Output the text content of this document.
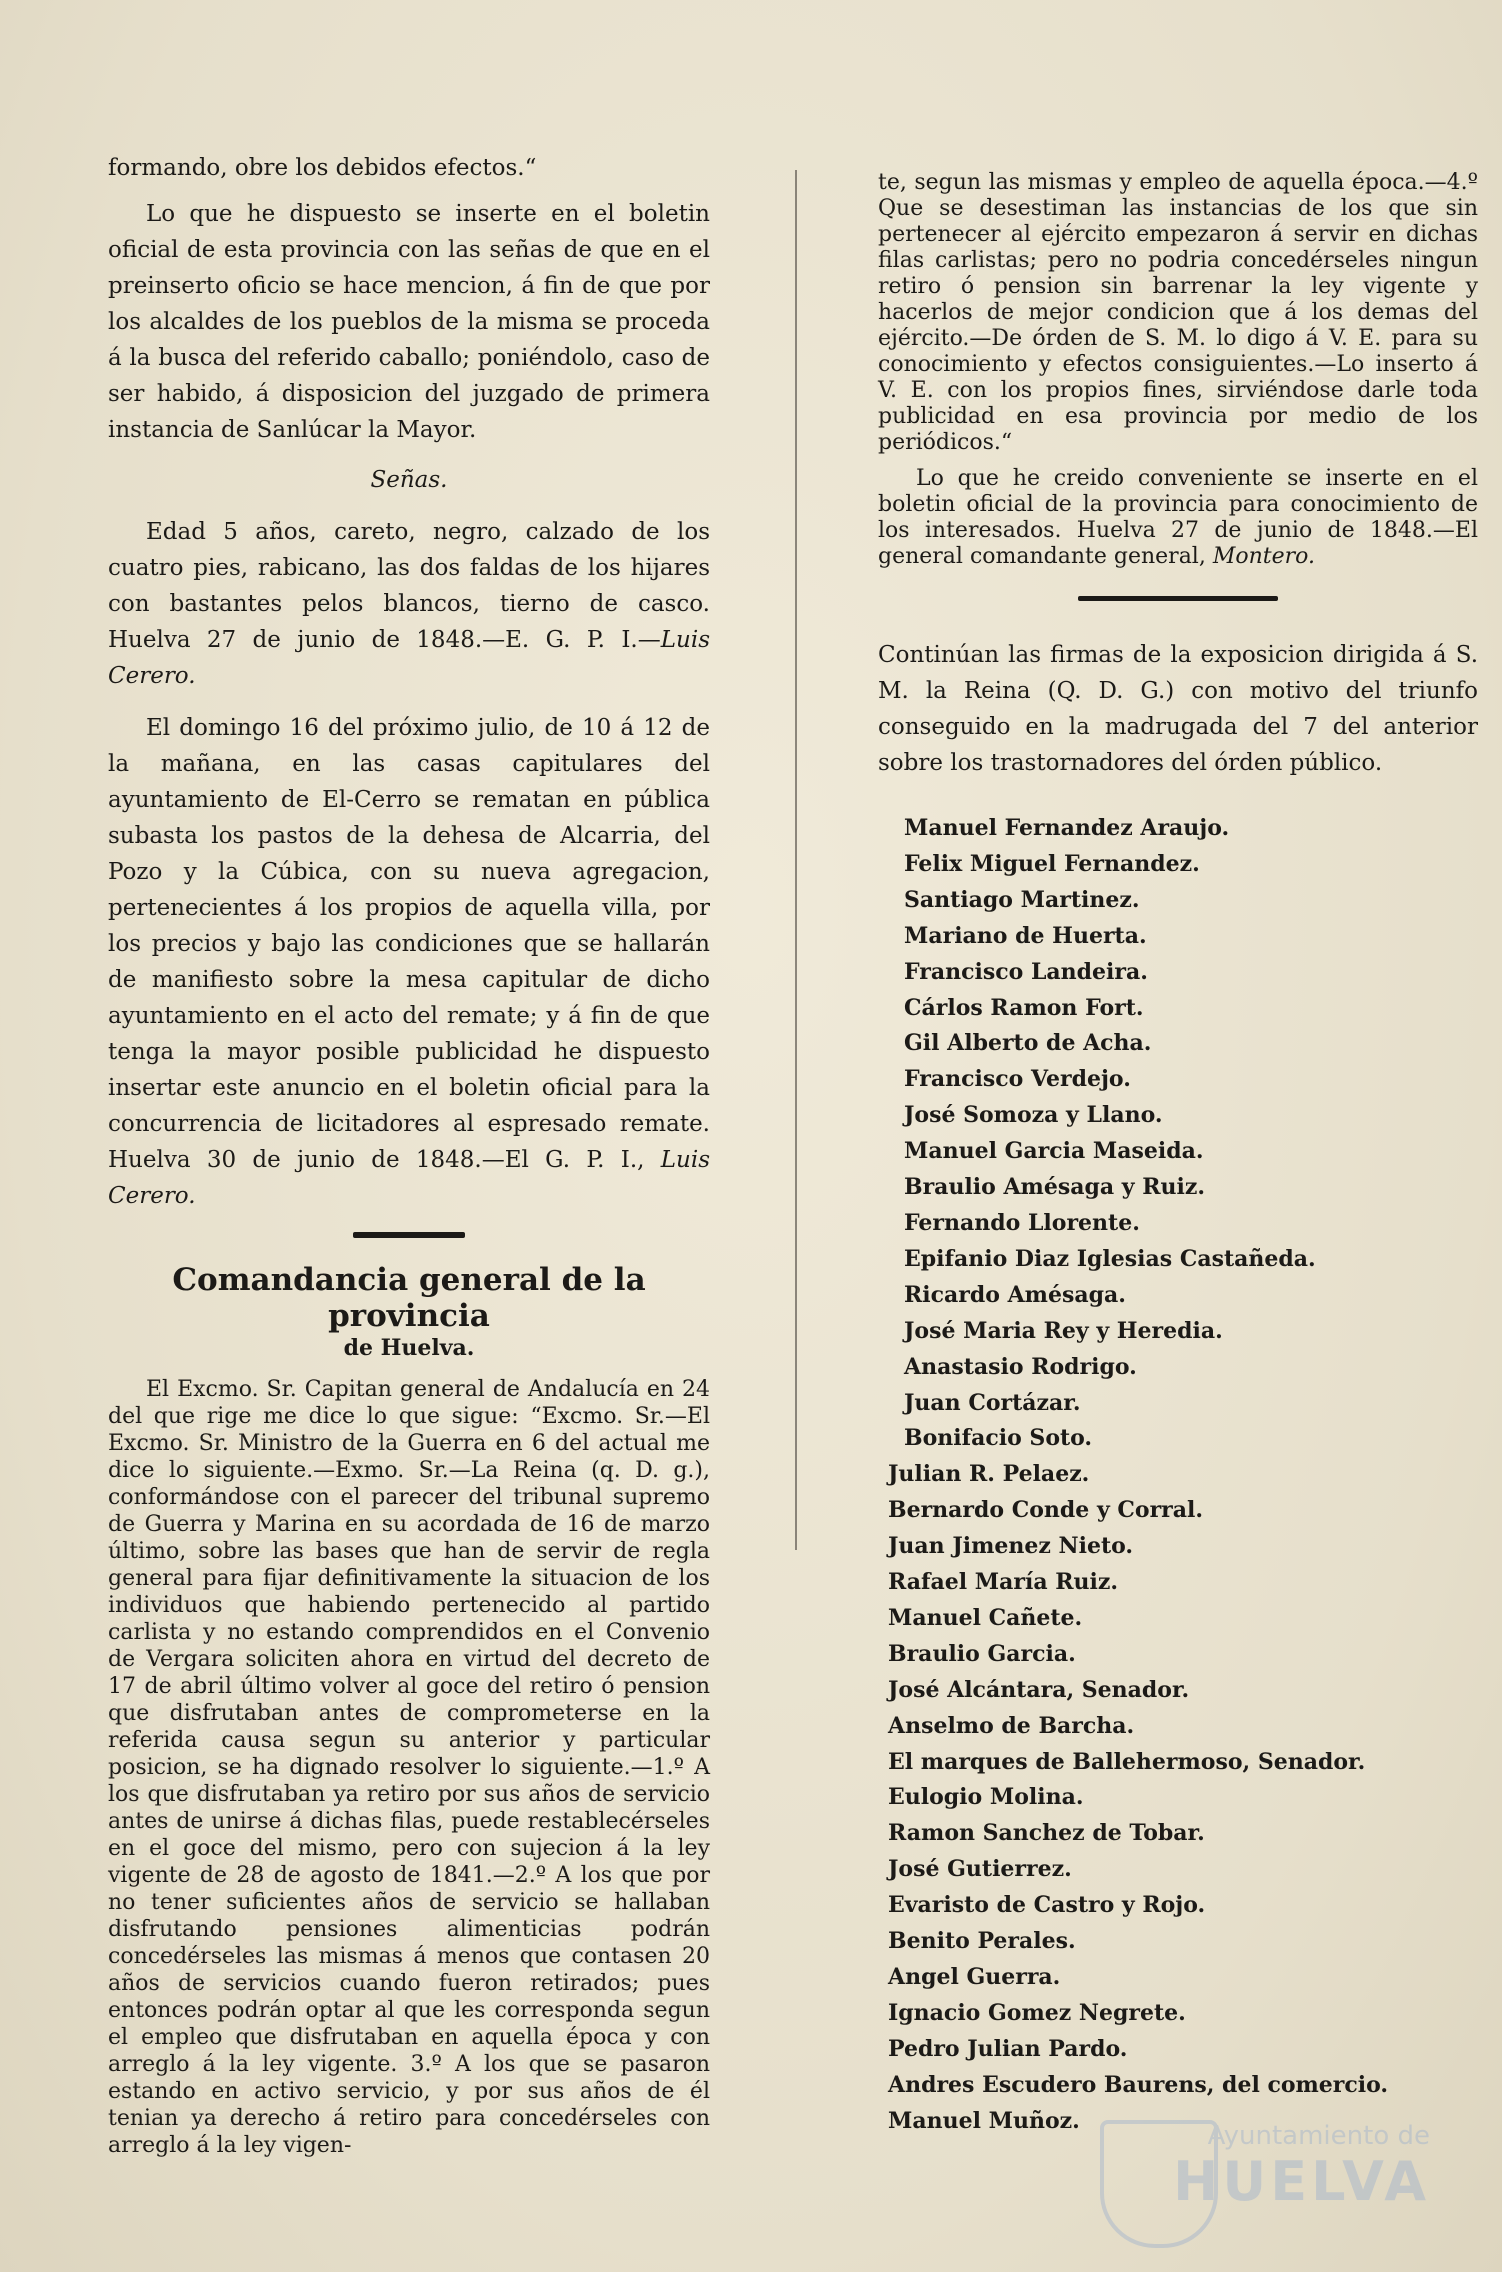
formando, obre los debidos efectos.“

Lo que he dispuesto se inserte en el boletin oficial de esta provincia con las señas de que en el preinserto oficio se hace mencion, á fin de que por los alcaldes de los pueblos de la misma se proceda á la busca del referido caballo; poniéndolo, caso de ser habido, á disposicion del juzgado de primera instancia de Sanlúcar la Mayor.

Señas.

Edad 5 años, careto, negro, calzado de los cuatro pies, rabicano, las dos faldas de los hijares con bastantes pelos blancos, tierno de casco. Huelva 27 de junio de 1848.—E. G. P. I.—Luis Cerero.

El domingo 16 del próximo julio, de 10 á 12 de la mañana, en las casas capitulares del ayuntamiento de El-Cerro se rematan en pública subasta los pastos de la dehesa de Alcarria, del Pozo y la Cúbica, con su nueva agregacion, pertenecientes á los propios de aquella villa, por los precios y bajo las condiciones que se hallarán de manifiesto sobre la mesa capitular de dicho ayuntamiento en el acto del remate; y á fin de que tenga la mayor posible publicidad he dispuesto insertar este anuncio en el boletin oficial para la concurrencia de licitadores al espresado remate. Huelva 30 de junio de 1848.—El G. P. I., Luis Cerero.

Comandancia general de la provincia
de Huelva.

El Excmo. Sr. Capitan general de Andalucía en 24 del que rige me dice lo que sigue: “Excmo. Sr.—El Excmo. Sr. Ministro de la Guerra en 6 del actual me dice lo siguiente.—Exmo. Sr.—La Reina (q. D. g.), conformándose con el parecer del tribunal supremo de Guerra y Marina en su acordada de 16 de marzo último, sobre las bases que han de servir de regla general para fijar definitivamente la situacion de los individuos que habiendo pertenecido al partido carlista y no estando comprendidos en el Convenio de Vergara soliciten ahora en virtud del decreto de 17 de abril último volver al goce del retiro ó pension que disfrutaban antes de comprometerse en la referida causa segun su anterior y particular posicion, se ha dignado resolver lo siguiente.—1.º A los que disfrutaban ya retiro por sus años de servicio antes de unirse á dichas filas, puede restablecérseles en el goce del mismo, pero con sujecion á la ley vigente de 28 de agosto de 1841.—2.º A los que por no tener suficientes años de servicio se hallaban disfrutando pensiones alimenticias podrán concedérseles las mismas á menos que contasen 20 años de servicios cuando fueron retirados; pues entonces podrán optar al que les corresponda segun el empleo que disfrutaban en aquella época y con arreglo á la ley vigente. 3.º A los que se pasaron estando en activo servicio, y por sus años de él tenian ya derecho á retiro para concedérseles con arreglo á la ley vigen-

te, segun las mismas y empleo de aquella época.—4.º Que se desestiman las instancias de los que sin pertenecer al ejército empezaron á servir en dichas filas carlistas; pero no podria concedérseles ningun retiro ó pension sin barrenar la ley vigente y hacerlos de mejor condicion que á los demas del ejército.—De órden de S. M. lo digo á V. E. para su conocimiento y efectos consiguientes.—Lo inserto á V. E. con los propios fines, sirviéndose darle toda publicidad en esa provincia por medio de los periódicos.“

Lo que he creido conveniente se inserte en el boletin oficial de la provincia para conocimiento de los interesados. Huelva 27 de junio de 1848.—El general comandante general, Montero.

Continúan las firmas de la exposicion dirigida á S. M. la Reina (Q. D. G.) con motivo del triunfo conseguido en la madrugada del 7 del anterior sobre los trastornadores del órden público.

Manuel Fernandez Araujo.
Felix Miguel Fernandez.
Santiago Martinez.
Mariano de Huerta.
Francisco Landeira.
Cárlos Ramon Fort.
Gil Alberto de Acha.
Francisco Verdejo.
José Somoza y Llano.
Manuel Garcia Maseida.
Braulio Amésaga y Ruiz.
Fernando Llorente.
Epifanio Diaz Iglesias Castañeda.
Ricardo Amésaga.
José Maria Rey y Heredia.
Anastasio Rodrigo.
Juan Cortázar.
Bonifacio Soto.
Julian R. Pelaez.
Bernardo Conde y Corral.
Juan Jimenez Nieto.
Rafael María Ruiz.
Manuel Cañete.
Braulio Garcia.
José Alcántara, Senador.
Anselmo de Barcha.
El marques de Ballehermoso, Senador.
Eulogio Molina.
Ramon Sanchez de Tobar.
José Gutierrez.
Evaristo de Castro y Rojo.
Benito Perales.
Angel Guerra.
Ignacio Gomez Negrete.
Pedro Julian Pardo.
Andres Escudero Baurens, del comercio.
Manuel Muñoz.
Ayuntamiento de
HUELVA
